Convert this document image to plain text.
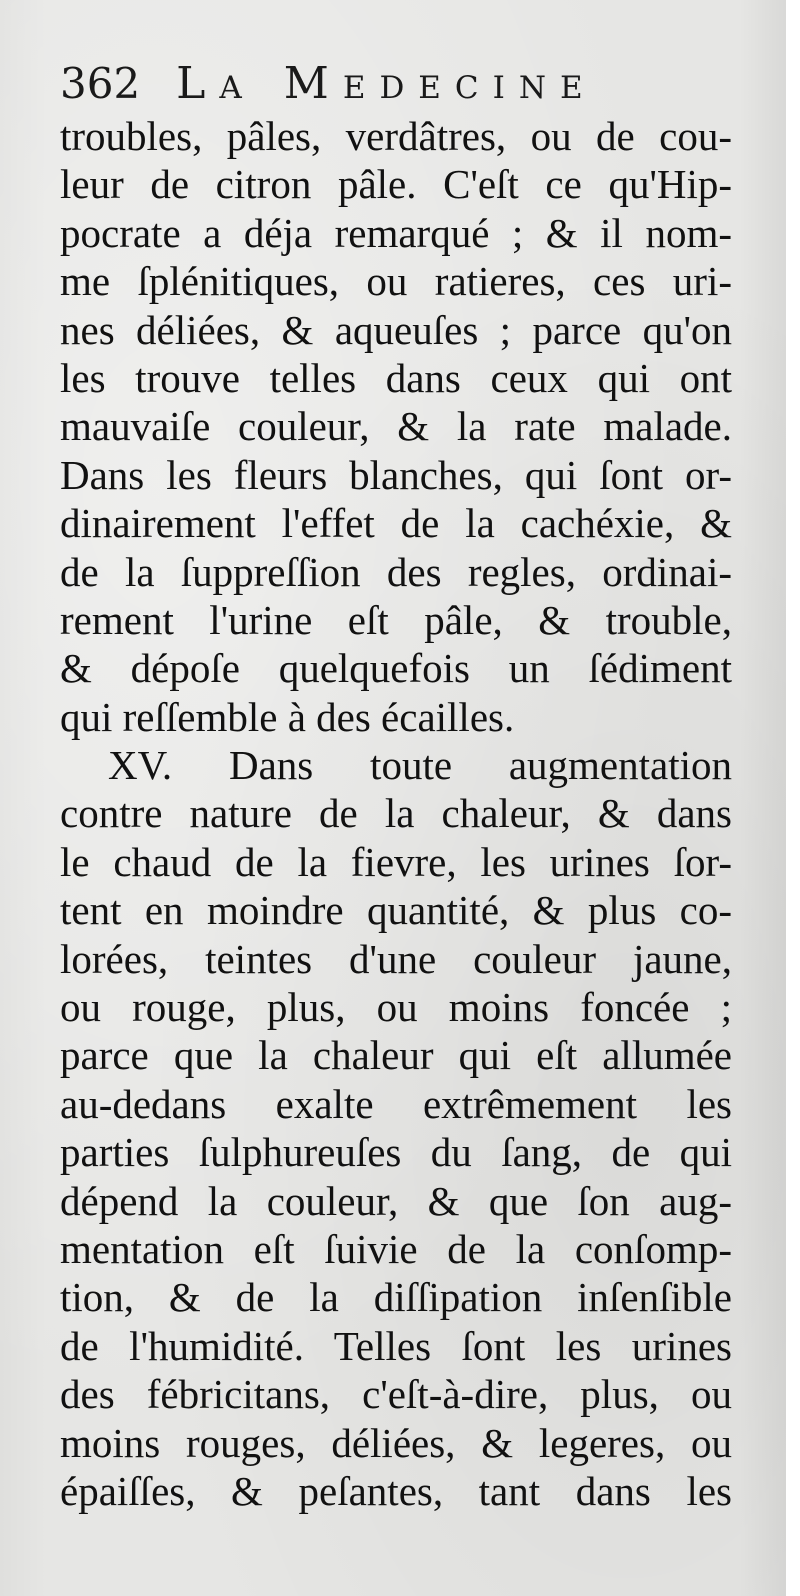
362 La Medecine
troubles, pâles, verdâtres, ou de cou-
leur de citron pâle. C'eſt ce qu'Hip-
pocrate a déja remarqué ; & il nom-
me ſplénitiques, ou ratieres, ces uri-
nes déliées, & aqueuſes ; parce qu'on
les trouve telles dans ceux qui ont
mauvaiſe couleur, & la rate malade.
Dans les fleurs blanches, qui ſont or-
dinairement l'effet de la cachéxie, &
de la ſuppreſſion des regles, ordinai-
rement l'urine eſt pâle, & trouble,
& dépoſe quelquefois un ſédiment
qui reſſemble à des écailles.
XV. Dans toute augmentation
contre nature de la chaleur, & dans
le chaud de la fievre, les urines ſor-
tent en moindre quantité, & plus co-
lorées, teintes d'une couleur jaune,
ou rouge, plus, ou moins foncée ;
parce que la chaleur qui eſt allumée
au-dedans exalte extrêmement les
parties ſulphureuſes du ſang, de qui
dépend la couleur, & que ſon aug-
mentation eſt ſuivie de la conſomp-
tion, & de la diſſipation inſenſible
de l'humidité. Telles ſont les urines
des fébricitans, c'eſt-à-dire, plus, ou
moins rouges, déliées, & legeres, ou
épaiſſes, & peſantes, tant dans les
